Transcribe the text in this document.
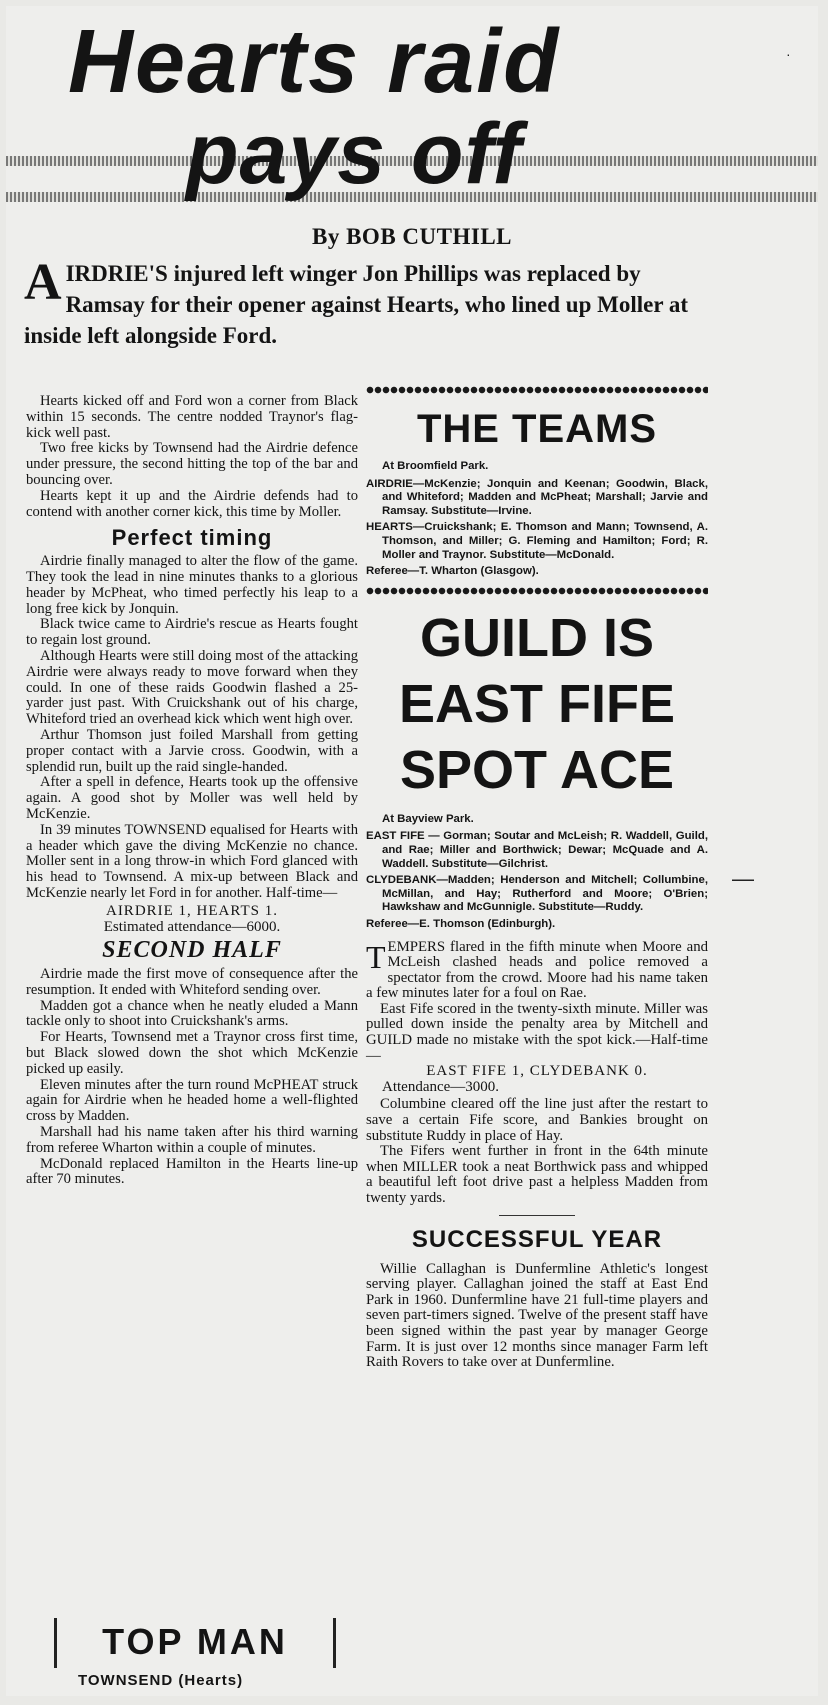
Hearts raid
pays off
By BOB CUTHILL
A IRDRIE'S injured left winger Jon Phillips was replaced by Ramsay for their opener against Hearts, who lined up Moller at inside left alongside Ford.

Hearts kicked off and Ford won a corner from Black within 15 seconds. The centre nodded Traynor's flag-kick well past.

Two free kicks by Townsend had the Airdrie defence under pressure, the second hitting the top of the bar and bouncing over.

Hearts kept it up and the Airdrie defends had to contend with another corner kick, this time by Moller.

Perfect timing

Airdrie finally managed to alter the flow of the game. They took the lead in nine minutes thanks to a glorious header by McPheat, who timed perfectly his leap to a long free kick by Jonquin.

Black twice came to Airdrie's rescue as Hearts fought to regain lost ground.

Although Hearts were still doing most of the attacking Airdrie were always ready to move forward when they could. In one of these raids Goodwin flashed a 25-yarder just past. With Cruickshank out of his charge, Whiteford tried an overhead kick which went high over.

Arthur Thomson just foiled Marshall from getting proper contact with a Jarvie cross. Goodwin, with a splendid run, built up the raid single-handed.

After a spell in defence, Hearts took up the offensive again. A good shot by Moller was well held by McKenzie.

In 39 minutes TOWNSEND equalised for Hearts with a header which gave the diving McKenzie no chance. Moller sent in a long throw-in which Ford glanced with his head to Townsend. A mix-up between Black and McKenzie nearly let Ford in for another. Half-time—

AIRDRIE 1, HEARTS 1.
Estimated attendance—6000.
SECOND HALF

Airdrie made the first move of consequence after the resumption. It ended with Whiteford sending over.

Madden got a chance when he neatly eluded a Mann tackle only to shoot into Cruickshank's arms.

For Hearts, Townsend met a Traynor cross first time, but Black slowed down the shot which McKenzie picked up easily.

Eleven minutes after the turn round McPHEAT struck again for Airdrie when he headed home a well-flighted cross by Madden.

Marshall had his name taken after his third warning from referee Wharton within a couple of minutes.

McDonald replaced Hamilton in the Hearts line-up after 70 minutes.

TOP MAN
TOWNSEND (Hearts)
THE TEAMS

At Broomfield Park.

AIRDRIE—McKenzie; Jonquin and Keenan; Goodwin, Black, and Whiteford; Madden and McPheat; Marshall; Jarvie and Ramsay. Substitute—Irvine.

HEARTS—Cruickshank; E. Thomson and Mann; Townsend, A. Thomson, and Miller; G. Fleming and Hamilton; Ford; R. Moller and Traynor. Substitute—McDonald.

Referee—T. Wharton (Glasgow).

GUILD IS
EAST FIFE
SPOT ACE

At Bayview Park.

EAST FIFE — Gorman; Soutar and McLeish; R. Waddell, Guild, and Rae; Miller and Borthwick; Dewar; McQuade and A. Waddell. Substitute—Gilchrist.

CLYDEBANK—Madden; Henderson and Mitchell; Collumbine, McMillan, and Hay; Rutherford and Moore; O'Brien; Hawkshaw and McGunnigle. Substitute—Ruddy.

Referee—E. Thomson (Edinburgh).

T EMPERS flared in the fifth minute when Moore and McLeish clashed heads and police removed a spectator from the crowd. Moore had his name taken a few minutes later for a foul on Rae.

East Fife scored in the twenty-sixth minute. Miller was pulled down inside the penalty area by Mitchell and GUILD made no mistake with the spot kick.—Half-time—

EAST FIFE 1, CLYDEBANK 0.
Attendance—3000.

Columbine cleared off the line just after the restart to save a certain Fife score, and Bankies brought on substitute Ruddy in place of Hay.

The Fifers went further in front in the 64th minute when MILLER took a neat Borthwick pass and whipped a beautiful left foot drive past a helpless Madden from twenty yards.

SUCCESSFUL YEAR

Willie Callaghan is Dunfermline Athletic's longest serving player. Callaghan joined the staff at East End Park in 1960. Dunfermline have 21 full-time players and seven part-timers signed. Twelve of the present staff have been signed within the past year by manager George Farm. It is just over 12 months since manager Farm left Raith Rovers to take over at Dunfermline.

—
·
